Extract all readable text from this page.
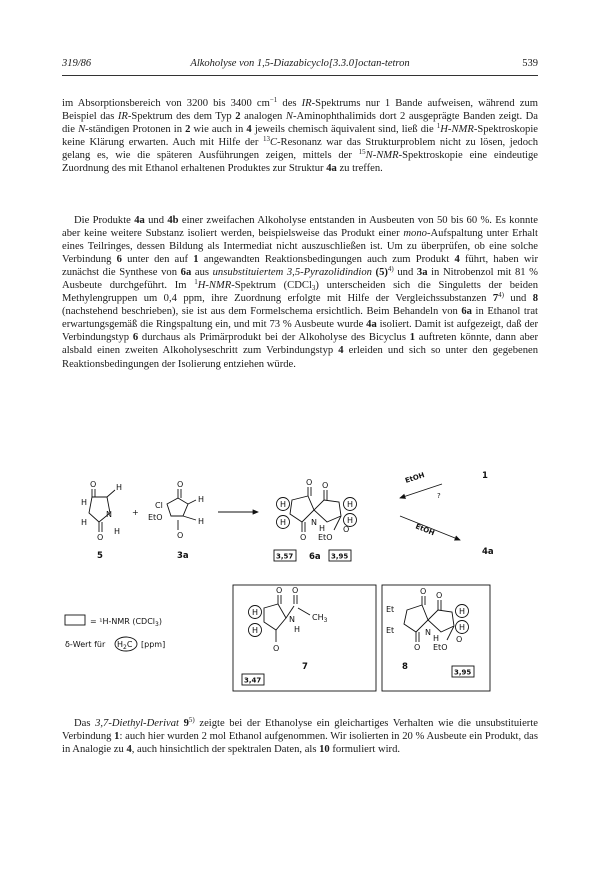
319/86	Alkoholyse von 1,5-Diazabicyclo[3.3.0]octan-tetron	539

im Absorptionsbereich von 3200 bis 3400 $cm^{-1}$ des IR-Spektrums nur 1 Bande aufweisen, während zum Beispiel das IR-Spektrum des dem Typ 2 analogen N-Aminophthalimids dort 2 ausgeprägte Banden zeigt. Da die N-ständigen Protonen in 2 wie auch in 4 jeweils chemisch äquivalent sind, ließ die $^1$H-NMR-Spektroskopie keine Klärung erwarten. Auch mit Hilfe der $^{13}$C-Resonanz war das Strukturproblem nicht zu lösen, jedoch gelang es, wie die späteren Ausführungen zeigen, mittels der $^{15}$N-NMR-Spektroskopie eine eindeutige Zuordnung des mit Ethanol erhaltenen Produktes zur Struktur 4a zu treffen.

Die Produkte 4a und 4b einer zweifachen Alkoholyse entstanden in Ausbeuten von 50 bis 60 %. Es konnte aber keine weitere Substanz isoliert werden, beispielsweise das Produkt einer mono-Aufspaltung unter Erhalt eines Teilringes, dessen Bildung als Intermediat nicht auszuschließen ist. Um zu überprüfen, ob eine solche Verbindung 6 unter den auf 1 angewandten Reaktionsbedingungen auch zum Produkt 4 führt, haben wir zunächst die Synthese von 6a aus unsubstituiertem 3,5-Pyrazolidindion $(5)^{4)}$ und 3a in Nitrobenzol mit 81 % Ausbeute durchgeführt. Im $^1$H-NMR-Spektrum (CDCl$_3$) unterscheiden sich die Singuletts der beiden Methylengruppen um 0,4 ppm, ihre Zuordnung erfolgte mit Hilfe der Vergleichssubstanzen 7$^{4)}$ und 8 (nachstehend beschrieben), sie ist aus dem Formelschema ersichtlich. Beim Behandeln von 6a in Ethanol trat erwartungsgemäß die Ringspaltung ein, und mit 73 % Ausbeute wurde 4a isoliert. Damit ist aufgezeigt, daß der Verbindungstyp 6 durchaus als Primärprodukt bei der Alkoholyse des Bicyclus 1 auftreten könnte, dann aber alsbald einen zweiten Alkoholyseschritt zum Verbindungstyp 4 erleiden und sich so unter den gegebenen Reaktionsbedingungen der Isolierung entziehen würde.

O
O
H
H
H
N
H
5
+
O
O
Cl
EtO
H
H
3a
H
H
H
H
O O
N
H O
O EtO
3,57 6a 3,95
EtOH	1
?
EtOH
4a
= ¹H-NMR (CDCl$_3$)
δ-Wert für $H_2C$ [ppm]
H
H
O O
N
H
O
$CH_3$
3,47
7
Et
Et
O O
N
H
H
H
O
O EtO
8
3,95

Das 3,7-Diethyl-Derivat 9$^{5)}$ zeigte bei der Ethanolyse ein gleichartiges Verhalten wie die unsubstituierte Verbindung 1: auch hier wurden 2 mol Ethanol aufgenommen. Wir isolierten in 20 % Ausbeute ein Produkt, das in Analogie zu 4, auch hinsichtlich der spektralen Daten, als 10 formuliert wird.
